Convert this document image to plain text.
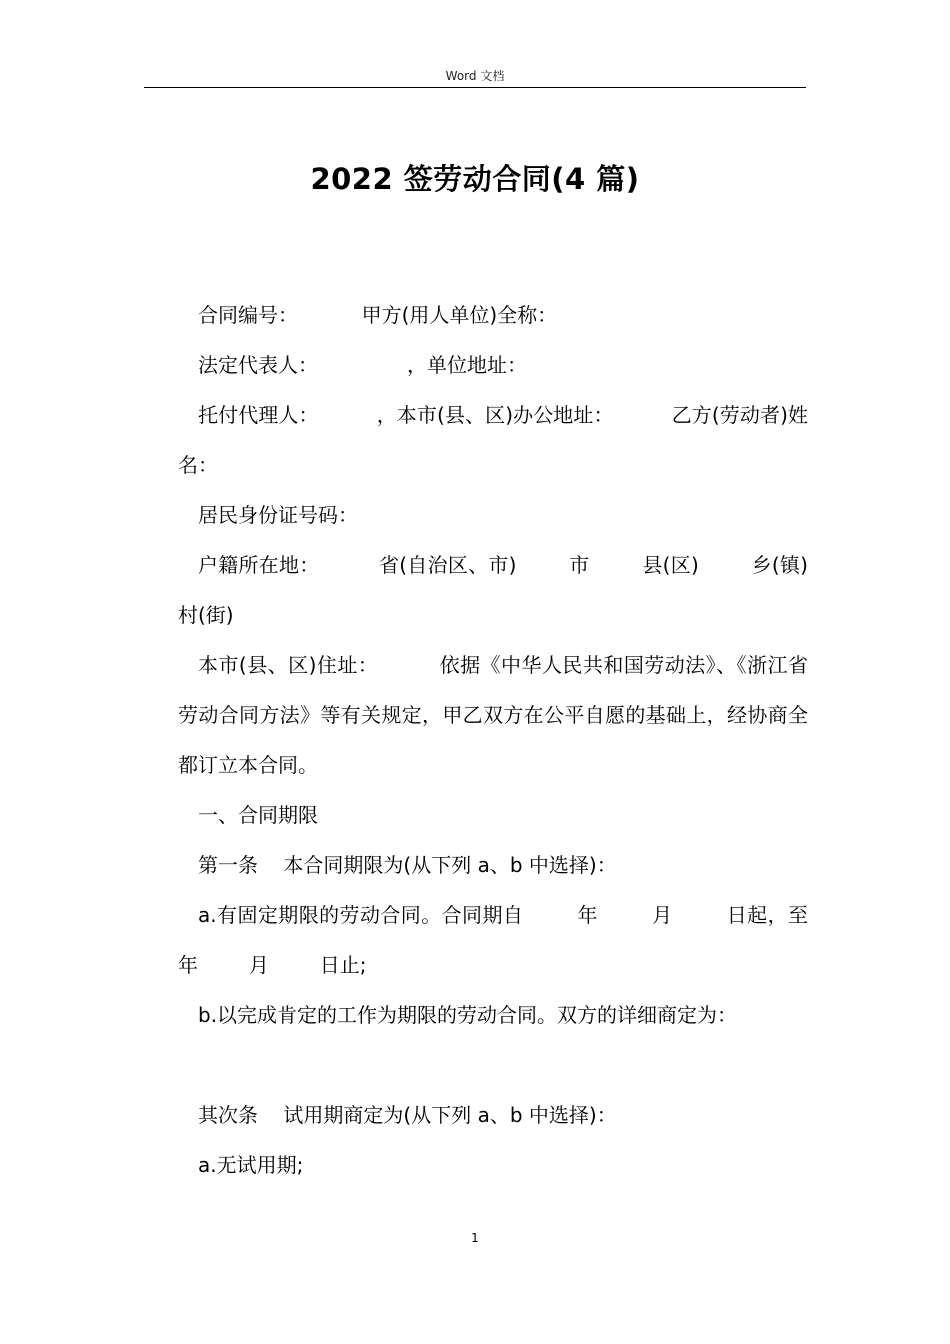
Word 文档
2022 签劳动合同(4 篇)

合同编号：          甲方(用人单位)全称：

法定代表人：              ，单位地址：

托付代理人：         ，本市(县、区)办公地址：         乙方(劳动者)姓名：

居民身份证号码：

户籍所在地：         省(自治区、市)        市        县(区)        乡(镇)村(街)

本市(县、区)住址：         依据《中华人民共和国劳动法》、《浙江省劳动合同方法》等有关规定，甲乙双方在公平自愿的基础上，经协商全都订立本合同。

一、合同期限

第一条    本合同期限为(从下列 a、b 中选择)：

a.有固定期限的劳动合同。合同期自        年        月        日起，至        年        月        日止;

b.以完成肯定的工作为期限的劳动合同。双方的详细商定为：

其次条    试用期商定为(从下列 a、b 中选择)：

a.无试用期;

1
